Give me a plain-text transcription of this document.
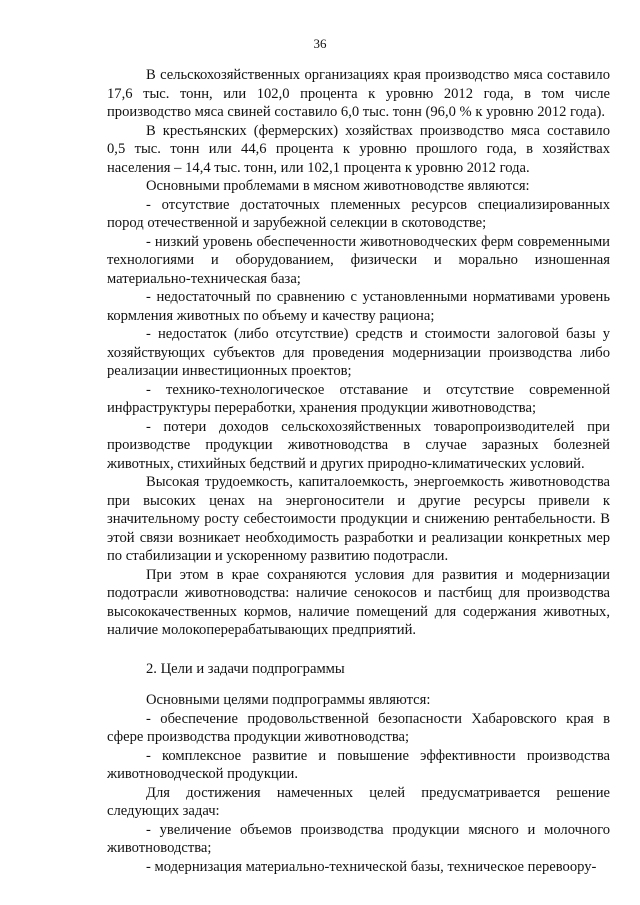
36

В сельскохозяйственных организациях края производство мяса составило 17,6 тыс. тонн, или 102,0 процента к уровню 2012 года, в том числе производство мяса свиней составило 6,0 тыс. тонн (96,0 % к уровню 2012 года).

В крестьянских (фермерских) хозяйствах производство мяса составило 0,5 тыс. тонн или 44,6 процента к уровню прошлого года, в хозяйствах населения – 14,4 тыс. тонн, или 102,1 процента к уровню 2012 года.

Основными проблемами в мясном животноводстве являются:

- отсутствие достаточных племенных ресурсов специализированных пород отечественной и зарубежной селекции в скотоводстве;

- низкий уровень обеспеченности животноводческих ферм современными технологиями и оборудованием, физически и морально изношенная материально-техническая база;

- недостаточный по сравнению с установленными нормативами уровень кормления животных по объему и качеству рациона;

- недостаток (либо отсутствие) средств и стоимости залоговой базы у хозяйствующих субъектов для проведения модернизации производства либо реализации инвестиционных проектов;

- технико-технологическое отставание и отсутствие современной инфраструктуры переработки, хранения продукции животноводства;

- потери доходов сельскохозяйственных товаропроизводителей при производстве продукции животноводства в случае заразных болезней животных, стихийных бедствий и других природно-климатических условий.

Высокая трудоемкость, капиталоемкость, энергоемкость животноводства при высоких ценах на энергоносители и другие ресурсы привели к значительному росту себестоимости продукции и снижению рентабельности. В этой связи возникает необходимость разработки и реализации конкретных мер по стабилизации и ускоренному развитию подотрасли.

При этом в крае сохраняются условия для развития и модернизации подотрасли животноводства: наличие сенокосов и пастбищ для производства высококачественных кормов, наличие помещений для содержания животных, наличие молокоперерабатывающих предприятий.

2. Цели и задачи подпрограммы

Основными целями подпрограммы являются:

- обеспечение продовольственной безопасности Хабаровского края в сфере производства продукции животноводства;

- комплексное развитие и повышение эффективности производства животноводческой продукции.

Для достижения намеченных целей предусматривается решение следующих задач:

- увеличение объемов производства продукции мясного и молочного животноводства;

- модернизация материально-технической базы, техническое перевоору-
